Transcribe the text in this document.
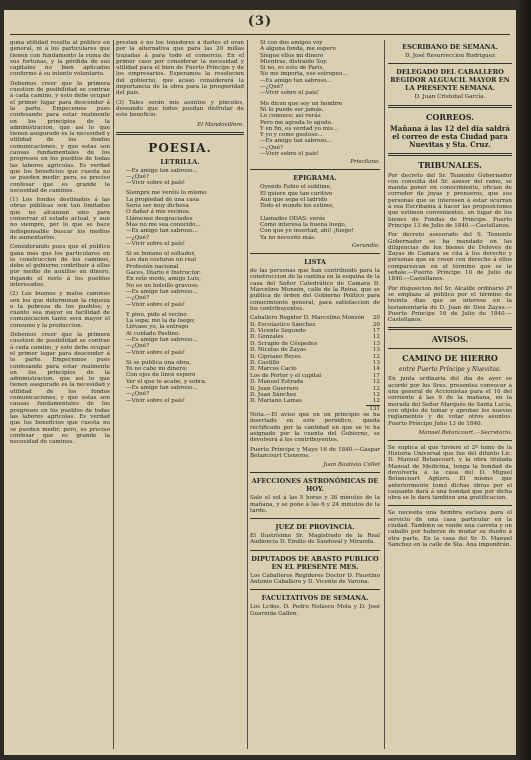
(3)

guna utilidad resulta al público en general, ni á los particulares que tienen con fundamento la ruina de sus fortunas, y la pérdida de sus capitales no bien aplicados conforme á su intento voluntario.

Debemos creer que la primera cuestion de posibilidad se contrae á cada camino, y esto debe ocupar el primer lugar para descender á la parte. Empecemos pues confesando para estar realmente en los principios de la administracion, que así lo que tienen asegurado es la necesidad y utilidad de los fondos comunicaciones, y que estas son causas fundamentales de los progresos en los pueblos de todas las labores agricolas. Es verdad que los beneficios que cuesta no se pueden medir; pero, es preciso confesar que es grande la necesidad de caminos.

(1) Los fondos destinados á las obras públicas son tan limitados que no alcanzan sino para conservar el estado actual, y aun no siempre, por lo que se hace indispensable buscar los medios de aumentarlos.

Considerando pues que el público gana mas que los particulares en la construccion de los caminos, debe el gobierno contribuir á ellos por medio de auxilios en dinero, dejando el resto á los pueblos interesados.

(2) Los buenos y malos caminos son los que determinan la riqueza o la pobreza de los pueblos; y cuanto sea mayor su facilidad de comunicacion tanto será mayor el consumo y la produccion.

Debemos creer que la primera cuestion de posibilidad se contrae á cada camino, y esto debe ocupar el primer lugar para descender á la parte. Empecemos pues confesando para estar realmente en los principios de la administracion, que así lo que tienen asegurado es la necesidad y utilidad de los fondos comunicaciones, y que estas son causas fundamentales de los progresos en los pueblos de todas las labores agricolas. Es verdad que los beneficios que cuesta no se pueden medir; pero, es preciso confesar que es grande la necesidad de caminos.

prestan ó no los tenedores á darles el oran por la alternativa que para las 20 millas trazadas á para todo el comercio. En el primer caso por considerar la necesidad y utilidad para el bien de Puerto Príncipe y de los empresarios. Esperamos la resolucion del gobierno, que acaso considerará la importancia de la obra para la prosperidad del pais.

(3) Tales serán mis asuntos y pinceles, deseando que todos puedan disfrutar de este beneficio.

El Mandovillero.
POESIA.
LETRILLA.
—Es amigo tan sabroso...
—¿Qué?
—Vivir sobre el país!
Siempre me veréis lo mismo
La propiedad de una casa
Sería ser muy dichosa
O dañar á mis vecinos.
Llámense desgraciados
Mas no me sea conocido...
—Es amigo tan sabroso...
—¿Qué?
—Vivir sobre el país!
Si se bonano el soltador,
Los dan costuras un real
Profesión nacional
Gaces, Diario é Instructor.
En este modo, amigo Luís,
No es un bolsillo gravoso.
—Es amigo tan sabroso...
—¿Qué?
—Vivir sobre el país!
Y pino, pido al vecino
La sopa; me la da luego;
Llévase yo, la entrego
Al cuidado Pastino.
—Es amigo tan sabroso...
—¿Qué?
—Vivir sobre el país!
Si se publica una obra,
Yo no cabe mi dinero;
Con ojos de lince espero
Ver el que te acabe, y sobra.
—Es amigo tan sabroso...
—¿Qué?
—Vivir sobre el país!
Si con dos amigos voy
A alguna fonda, me espero
Siegue ellos mi dinero
Mientras, distraido Soy.
Si no, es esto de Paris,
No me importa, ese estropeo...
—Es amigo tan sabroso...
—¿Qué?
—Vivir sobre el país!
Me dicen que soy un hombre
Ni lo puede ser jamás.
Lo conozco; así verás
Pero me agrada lo agudo.
Y en fin, es verdad yo mis...
Y yo y como gustoso...
—Es amigo tan sabroso...
—¿Qué?
—Vivir sobre el país!
Priscilano.
EPIGRAMA.
Oyendo Fabio el sublime,
El quiere que tan caritivo
Aun que sepa el ladrido
Todo el mundo los estime,

Llamados ODAS: verás
Como interesa la buena luego,
Con que yo insertad, abí! ¡fuego!
Ya no necesito más.
Gerundio.
LISTA

de las personas que han contribuido para la construccion de la cantina en la esquina de la casa del Señor Catedrático de Camara D. Marcelino Monzón, calle de la Reina, que se publica de órden del Gobierno Político para conocimiento general, para satisfaccion de los contribuyentes.

Caballero Regidor D. Marcelino Monzón	20
D. Escolastico Sánchez	20
D. Vicente Segundo	17
D. Gonzales	12
D. Scrapio de Céspedes	13
D. Nicolas de Zayas	13
D. Cipriano Reyes	12
D. Castillo	13
D. Marcos Cacio	14
Los de Portor y el capital	17
D. Manuel Estrada	12
D. Juan Guerrero	12
D. Juan Sánchez	12
D. Mariano Lamas	12
131

Nota.—El aviso que en un principio se ha insertado en este periódico, queda rectificado por la cantidad en que se le ha asignado por la cuenta del Gobierno, se devolverá á los contribuyentes.

Puerto Príncipe y Mayo 16 de 1840.—Gaspar Betancourt Cisneros.

Juan Bautista Collet
AFECCIONES ASTRONÓMICAS DE HOY.

Sale el sol á las 5 horas y 36 minutos de la mañana, y se pone á las 6 y 24 minutos de la tarde.

JUEZ DE PROVINCIA.

El Ilustrísimo Sr. Magistrado de la Real Audiencia D. Emilio de Sandoval y Miranda.

DIPUTADOS DE ABASTO PUBLICO EN EL PRESENTE MES.

Los Caballeros Regidores Doctor D. Faustino Antonio Caballero y D. Vicente de Varona.

FACULTATIVOS DE SEMANA.

Los Lcdos. D. Pedro Nolasco Mola y D. José Guarnida Gallen.

ESCRIBANO DE SEMANA.

D. José Resurreccion Rodriguez

DELEGADO DEL CABALLERO REGIDOR ALGUACIL MAYOR EN LA PRESENTE SEMANA.

D. Juan Cristobal García.

CORREOS.

Mañana á las 12 del día saldrá el correo de esta Ciudad para Nuevitas y Sta. Cruz.

TRIBUNALES.

Por decreto del Sr. Teniente Gobernador con consulta del Sr. asesor del ramo, se manda poner en conocimiento, ofician de corredor de joyas y prenseros, que sus personas que se interesen á estar ocurran á esa Escribania á hacer las proposiciones que estimen convenientes, en lugar de los bienes de Fondas de Principe. Puerto Principe 13 de Julio de 1840.—Castellanos.

Por decreto asesorado del S. Teniente Gobernador se ha mandado en las diligencias de los bienes de Doloves de Zayas de Camara se cita á los derecho y personas que se creen con derecho á ellos comparezcan en el término que se le señale.—Puerto Príncipe 10 de Julio de 1840.—Castellanos.

Por disposicion del Sr. Alcalde ordinario 2º se emplaza al público por el término de treinta dias que se interese en la testamentaría de D. Juan de Dios Zayas.—Puerto Príncipe 16 de Julio de 1840.—Castellanos.

AVISOS.
CAMINO DE HIERRO
entre Puerto Príncipe y Nuevitas.

En junta ordinaria del día de ayer se acordó por los Sres. presentes convocar á una general de Accionistas para el 10 del corriente á las 9 de la mañana, en la morada del Señor Marqués de Santa Lucía, con objeto de tomar y aprobar los nuevos reglamentos y de votar otros asuntos. Puerto Príncipe Julio 13 de 1840.

Manuel Betancourt.—Secretario.

Se suplica al que tuviere el 2º tomo de la Historia Universal que fue del difunto Lic. D. Manuel Betancourt, y la obra titulada Manual de Medicina, tenga la bondad de devolverla á la casa del D. Miguel Betancourt Agüero. El mismo que anteriormente tomó dichas obras por el causante dará á una bondad que por dicha obra se le dará tambien una gratificacion.

Se necesita una hembra esclava para el servicio de una casa particular en la ciudad. Tambien se vende una carreta y un caballo por haberse de mudar su dueño á otra parte. En la casa del Sr. D. Manuel Sánchez en la calle de Sta. Ana impondrán.
